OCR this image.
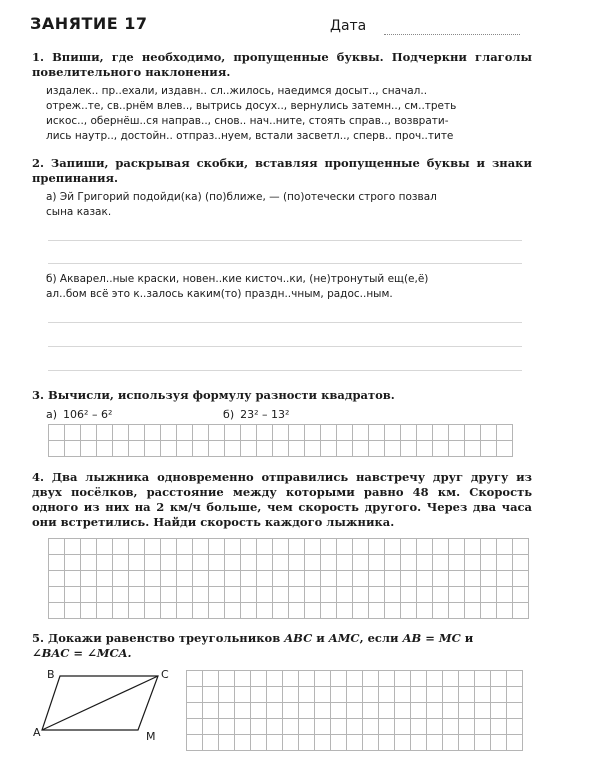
ЗАНЯТИЕ 17	Дата
1. Впиши, где необходимо, пропущенные буквы. Подчеркни глаголы повелительного наклонения.
издалек.. пр..ехали, издавн.. сл..жилось, наедимся досыт.., сначал..
отреж..те, св..рнём влев.., вытрись досух.., вернулись затемн.., см..треть
искос.., обернёш..ся направ.., снов.. нач..ните, стоять справ.., возврати-
лись наутр.., достойн.. отпраз..нуем, встали засветл.., сперв.. проч..тите
2. Запиши, раскрывая скобки, вставляя пропущенные буквы и знаки препинания.
а) Эй Григорий подойди(ка) (по)ближе, — (по)отечески строго позвал
сына казак.
б) Акварел..ные краски, новен..кие кисточ..ки, (не)тронутый ещ(е,ё)
ал..бом всё это к..залось каким(то) праздн..чным, радос..ным.
3. Вычисли, используя формулу разности квадратов.
а) 106² – 6²	б) 23² – 13²
4. Два лыжника одновременно отправились навстречу друг другу из двух посёлков, расстояние между которыми равно 48 км. Скорость одного из них на 2 км/ч больше, чем скорость другого. Через два часа они встретились. Найди скорость каждого лыжника.
5. Докажи равенство треугольников ABC и AMC, если AB = MC и
∠BAC = ∠MCA.
B	C
A	M
